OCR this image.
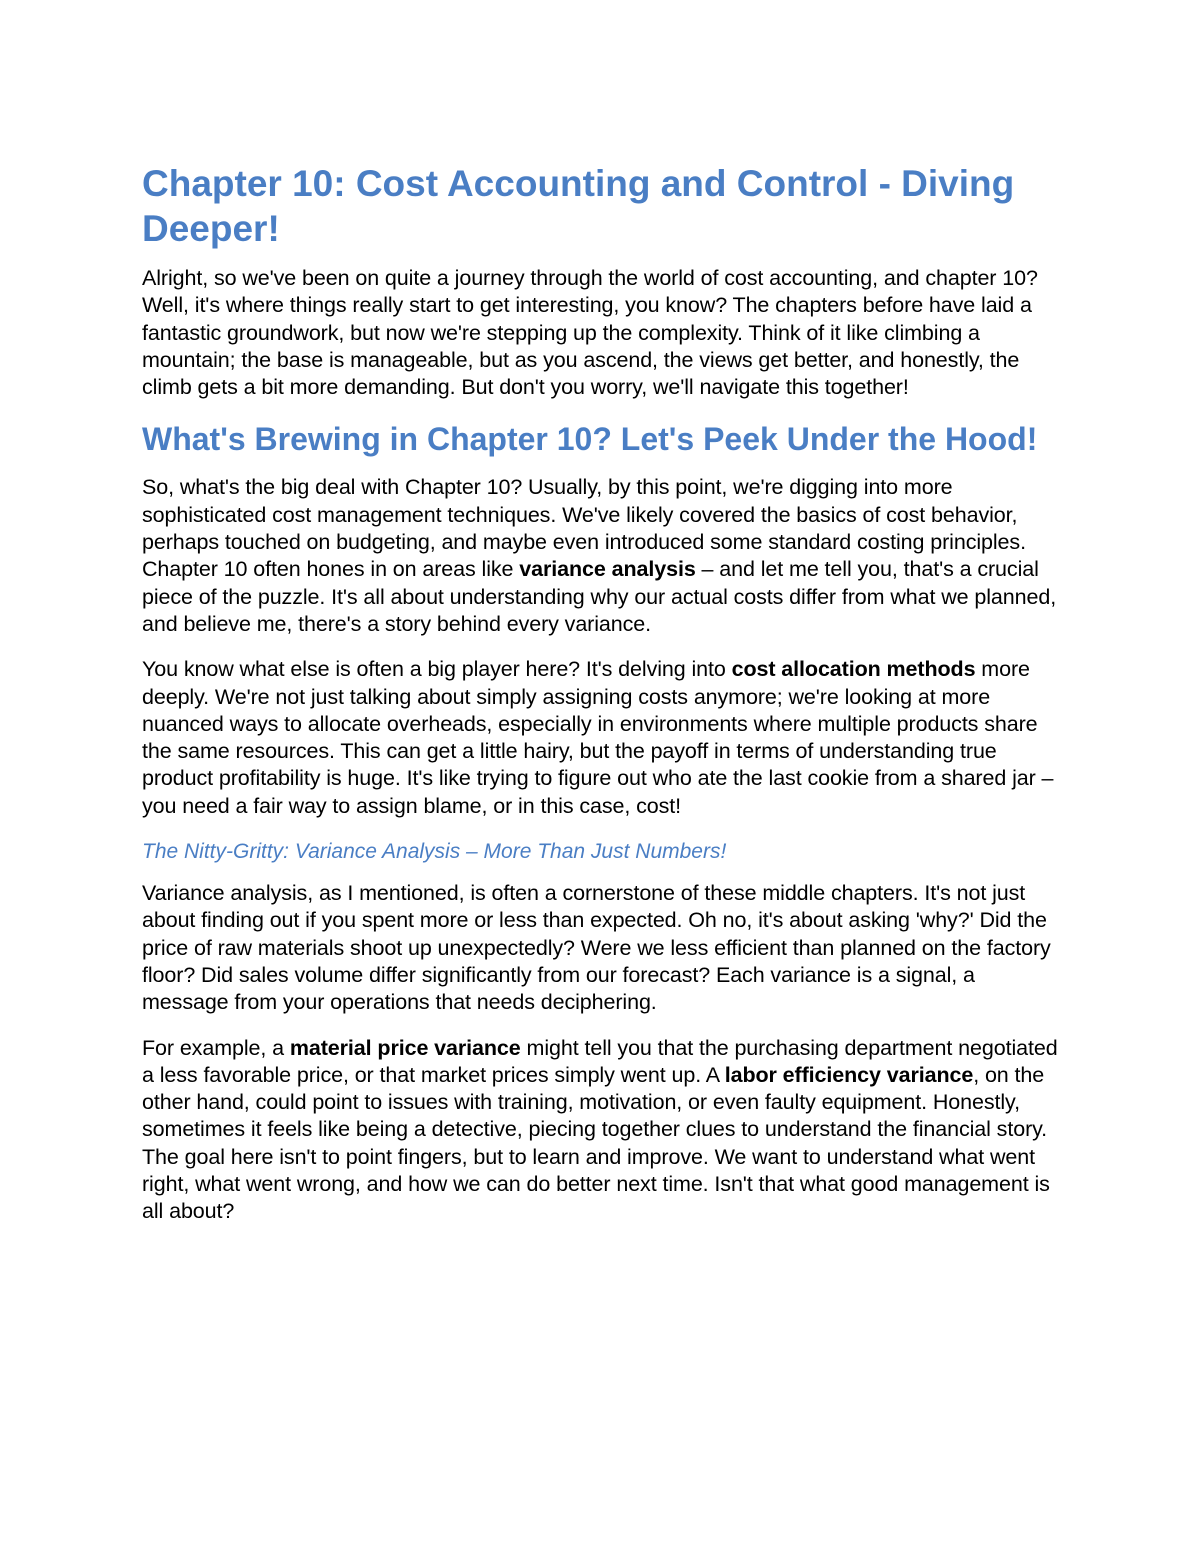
Chapter 10: Cost Accounting and Control - Diving Deeper!

Alright, so we've been on quite a journey through the world of cost accounting, and chapter 10? Well, it's where things really start to get interesting, you know? The chapters before have laid a fantastic groundwork, but now we're stepping up the complexity. Think of it like climbing a mountain; the base is manageable, but as you ascend, the views get better, and honestly, the climb gets a bit more demanding. But don't you worry, we'll navigate this together!

What's Brewing in Chapter 10? Let's Peek Under the Hood!

So, what's the big deal with Chapter 10? Usually, by this point, we're digging into more sophisticated cost management techniques. We've likely covered the basics of cost behavior, perhaps touched on budgeting, and maybe even introduced some standard costing principles. Chapter 10 often hones in on areas like variance analysis – and let me tell you, that's a crucial piece of the puzzle. It's all about understanding why our actual costs differ from what we planned, and believe me, there's a story behind every variance.

You know what else is often a big player here? It's delving into cost allocation methods more deeply. We're not just talking about simply assigning costs anymore; we're looking at more nuanced ways to allocate overheads, especially in environments where multiple products share the same resources. This can get a little hairy, but the payoff in terms of understanding true product profitability is huge. It's like trying to figure out who ate the last cookie from a shared jar – you need a fair way to assign blame, or in this case, cost!

The Nitty-Gritty: Variance Analysis – More Than Just Numbers!

Variance analysis, as I mentioned, is often a cornerstone of these middle chapters. It's not just about finding out if you spent more or less than expected. Oh no, it's about asking 'why?' Did the price of raw materials shoot up unexpectedly? Were we less efficient than planned on the factory floor? Did sales volume differ significantly from our forecast? Each variance is a signal, a message from your operations that needs deciphering.

For example, a material price variance might tell you that the purchasing department negotiated a less favorable price, or that market prices simply went up. A labor efficiency variance, on the other hand, could point to issues with training, motivation, or even faulty equipment. Honestly, sometimes it feels like being a detective, piecing together clues to understand the financial story. The goal here isn't to point fingers, but to learn and improve. We want to understand what went right, what went wrong, and how we can do better next time. Isn't that what good management is all about?
